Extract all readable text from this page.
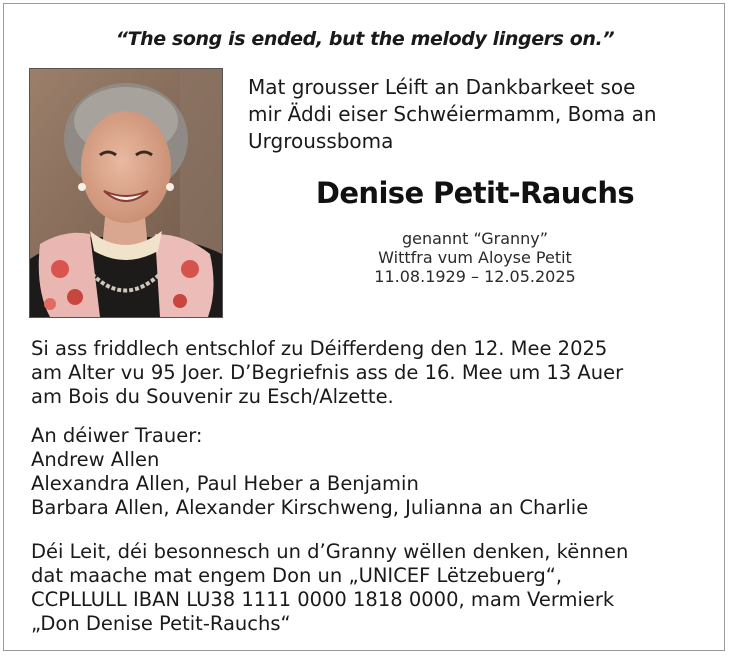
“The song is ended, but the melody lingers on.”
Mat grousser Léift an Dankbarkeet soe
mir Äddi eiser Schwéiermamm, Boma an
Urgroussboma
Denise Petit-Rauchs
genannt “Granny”
Wittfra vum Aloyse Petit
11.08.1929 – 12.05.2025
Si ass friddlech entschlof zu Déifferdeng den 12. Mee 2025
am Alter vu 95 Joer. D’Begriefnis ass de 16. Mee um 13 Auer
am Bois du Souvenir zu Esch/Alzette.
An déiwer Trauer:
Andrew Allen
Alexandra Allen, Paul Heber a Benjamin
Barbara Allen, Alexander Kirschweng, Julianna an Charlie
Déi Leit, déi besonnesch un d’Granny wëllen denken, kënnen
dat maache mat engem Don un „UNICEF Lëtzebuerg“,
CCPLLULL IBAN LU38 1111 0000 1818 0000, mam Vermierk
„Don Denise Petit-Rauchs“
